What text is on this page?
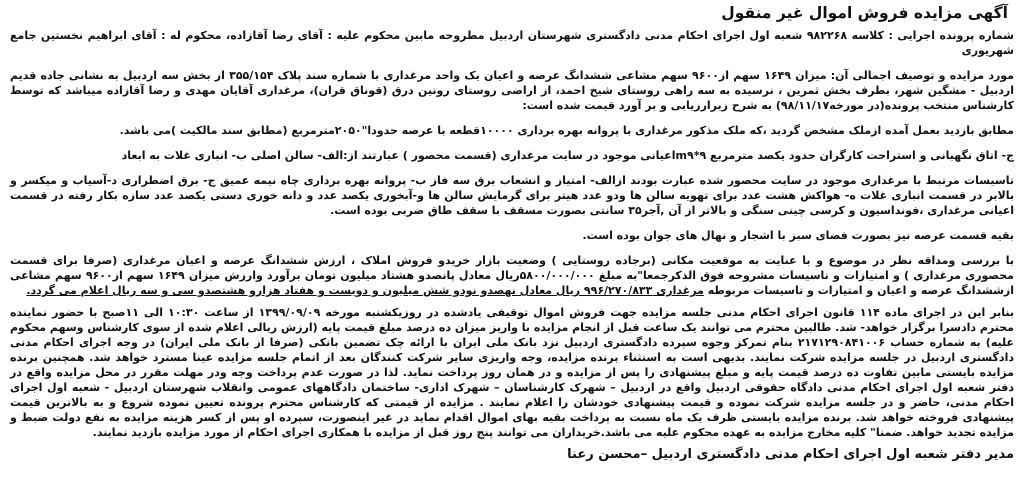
آگهی مزایده فروش اموال غیر منقول

شماره پرونده اجرایی : کلاسه ۹۸۲۲۶۸ شعبه اول اجرای احکام مدنی دادگستری شهرستان اردبیل مطروحه مابین محکوم علیه : آقای رضا آقازاده، محکوم له : آقای ابراهیم نخستین جامع شهریوری

مورد مزایده و توصیف اجمالی آن: میزان ۱۶۴۹ سهم از۹۶۰۰ سهم مشاعی ششدانگ عرصه و اعیان یک واحد مرغداری با شماره سند پلاک ۳۵۵/۱۵۴ از بخش سه اردبیل به نشانی جاده قدیم اردبیل - مشگین شهر، بطرف بخش ثمرین ، نرسیده به سه راهی روستای شیخ احمد، از اراضی روستای رونین درق (قوناق قران)، مرغداری آقایان مهدی و رضا آقازاده میباشد که توسط کارشناس منتخب پرونده(در مورخه۹۸/۱۱/۱۷) به شرح زیرارزیابی و بر آورد قیمت شده است:

مطابق بازدید بعمل آمده ازملک مشخص گردید ،که ملک مذکور مرغداری با پروانه بهره برداری ۱۰۰۰۰قطعه با عرصه حدودا"۲۰۵۰مترمربع (مطابق سند مالکیت )می باشد.

ج- اتاق نگهبانی و استراحت کارگران حدود یکصد مترمربع ۹*m۹اعیانی موجود در سایت مرغداری (قسمت محصور ) عبارتند از:الف- سالن اصلی ب- انباری غلات به ابعاد

تاسیسات مرتبط با مرغداری موجود در سایت محصور شده عبارت بودند ازالف- امتیاز و انشعاب برق سه فاز ب- پروانه بهره برداری چاه نیمه عمیق ج- برق اضطراری د-آسیاب و میکسر و بالابر در قسمت انباری غلات ه- هواکش هشت عدد برای تهویه سالن ها ودو عدد هیتر برای گرمایش سالن ها و-آبخوری یکصد عدد و دانه خوری دستی یکصد عدد سازه بکار رفته در قسمت اعیانی مرغداری ،فونداسیون و کرسی چینی سنگی و بالاتر از آن ,آجر۳۵ سانتی بصورت مسقف با سقف طاق ضربی بوده است.

بقیه قسمت عرصه نیز بصورت فضای سبز با اشجار و نهال های جوان بوده است.

با بررسی ومداقه نظر در موضوع و با عنایت به موقعیت مکانی (برجاده روستایی ) وضعیت بازار خریدو فروش املاک ، ارزش ششدانگ عرصه و اعیان مرغداری (صرفا برای قسمت محصوری مرغداری ) و امتیازات و تاسیسات مشروحه فوق الذکرجمعا"به مبلغ ۵۸۰۰/۰۰۰/۰۰۰ریال معادل پانصدو هشتاد میلیون تومان برآورد وارزش میزان ۱۶۴۹ سهم از۹۶۰۰ سهم مشاعی ازششدانگ عرصه و اعیان و امتیازات و تاسیسات مربوطه مرغداری ۹۹۶/۲۷۰/۸۳۳ ریال معادل نهصدو نودو شش میلیون و دویست و هفتاد هزارو هشتصدو سی و سه ریال اعلام می گردد.

بنابر این در اجرای ماده ۱۱۴ قانون اجرای احکام مدنی جلسه مزایده جهت فروش اموال توقیفی یادشده در روزیکشنبه مورخه ۱۳۹۹/۰۹/۰۹ از ساعت ۱۰:۳۰ الی ۱۱صبح با حضور نماینده محترم دادسرا برگزار خواهد- شد. طالبین محترم می توانند یک ساعت قبل از انجام مزایده با واریز میزان ده درصد مبلغ قیمت پایه (ارزش ریالی اعلام شده از سوی کارشناس وسهم محکوم علیه) به شماره حساب ۲۱۷۱۲۹۰۸۴۱۰۰۶ بنام تمرکز وجوه سپرده دادگستری اردبیل نزد بانک ملی ایران با ارائه چک تضمین بانکی (صرفا از بانک ملی ایران) در وجه اجرای احکام مدنی دادگستری اردبیل در جلسه مزایده شرکت نمایند. بدیهی است به استثناء برنده مزایده، وجه واریزی سایر شرکت کنندگان بعد از اتمام جلسه مزایده عینا مسترد خواهد شد. همچنین برنده مزایده بایستی مابین تفاوت ده درصد قیمت پایه و مبلغ پیشنهادی را پس از مزایده و در همان روز پرداخت نماید. لذا در صورت عدم پرداخت وجه ودر مهلت مقرر در محل مزایده واقع در دفتر شعبه اول اجرای احکام مدنی دادگاه حقوقی اردبیل واقع در اردبیل – شهرک کارشناسان – شهرک اداری- ساختمان دادگاههای عمومی وانقلاب شهرستان اردبیل - شعبه اول اجرای احکام مدنی، حاضر و در جلسه مزایده شرکت نموده و قیمت پیشنهادی خودشان را اعلام نمایند . مزایده از قیمتی که کارشناس محترم پرونده تعیین نموده شروع و به بالاترین قیمت پیشنهادی فروخته خواهد شد. برنده مزایده بایستی ظرف یک ماه نسبت به پرداخت بقیه بهای اموال اقدام نماید در غیر اینصورت، سپرده او پس از کسر هزینه مزایده به نفع دولت ضبط و مزایده تجدید خواهد. ضمنا" کلیه مخارج مزایده به عهده محکوم علیه می باشد.خریداران می توانند پنج روز قبل از مزایده با همکاری اجرای احکام از مورد مزایده بازدید نمایند.

مدیر دفتر شعبه اول اجرای احکام مدنی دادگستری اردبیل –محسن رعنا
